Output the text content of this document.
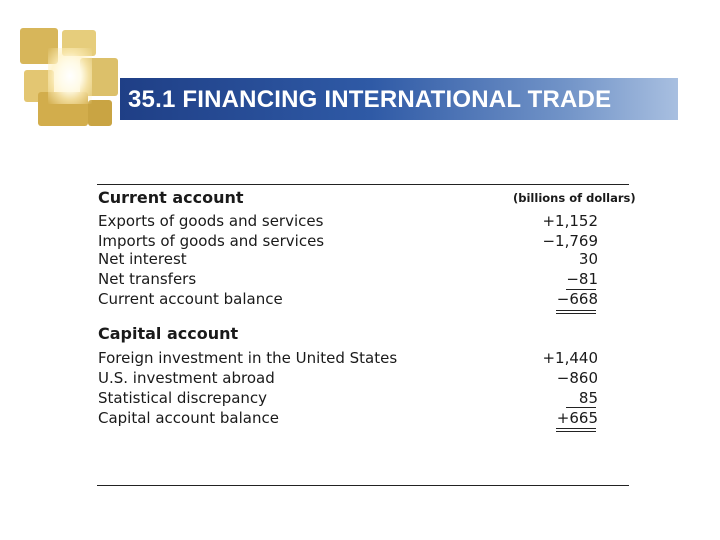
35.1 FINANCING INTERNATIONAL TRADE
Current account	(billions of dollars)
Exports of goods and services	+1,152
Imports of goods and services	−1,769
Net interest	30
Net transfers	−81
Current account balance	−668
Capital account
Foreign investment in the United States	+1,440
U.S. investment abroad	−860
Statistical discrepancy	85
Capital account balance	+665
